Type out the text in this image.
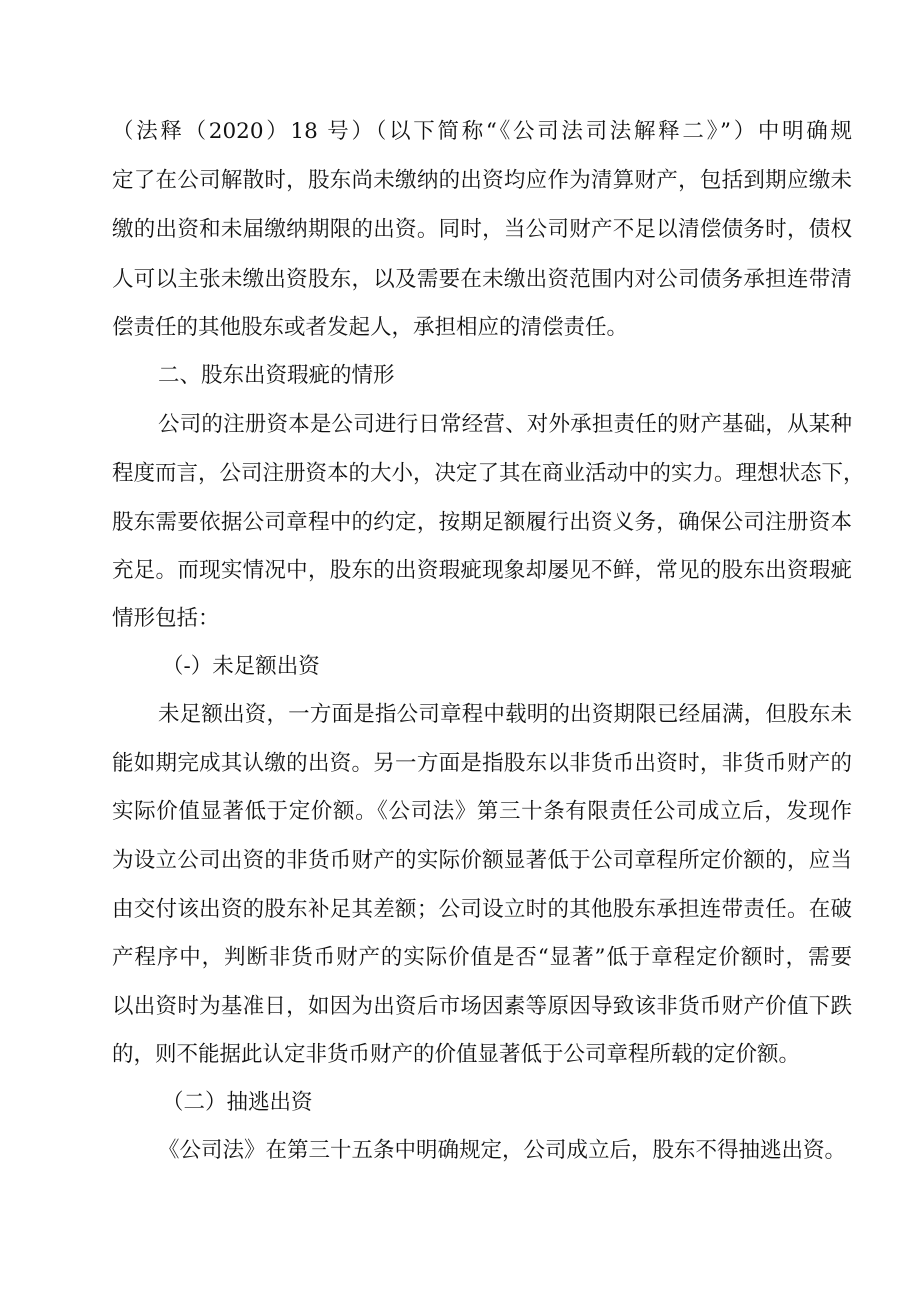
（法释（2020）18 号）（以下简称“《公司法司法解释二》”）中明确规
定了在公司解散时，股东尚未缴纳的出资均应作为清算财产，包括到期应缴未
缴的出资和未届缴纳期限的出资。同时，当公司财产不足以清偿债务时，债权
人可以主张未缴出资股东，以及需要在未缴出资范围内对公司债务承担连带清
偿责任的其他股东或者发起人，承担相应的清偿责任。
二、股东出资瑕疵的情形
公司的注册资本是公司进行日常经营、对外承担责任的财产基础，从某种
程度而言，公司注册资本的大小，决定了其在商业活动中的实力。理想状态下，
股东需要依据公司章程中的约定，按期足额履行出资义务，确保公司注册资本
充足。而现实情况中，股东的出资瑕疵现象却屡见不鲜，常见的股东出资瑕疵
情形包括：
（-）未足额出资
未足额出资，一方面是指公司章程中载明的出资期限已经届满，但股东未
能如期完成其认缴的出资。另一方面是指股东以非货币出资时，非货币财产的
实际价值显著低于定价额。《公司法》第三十条有限责任公司成立后，发现作
为设立公司出资的非货币财产的实际价额显著低于公司章程所定价额的，应当
由交付该出资的股东补足其差额；公司设立时的其他股东承担连带责任。在破
产程序中，判断非货币财产的实际价值是否“显著”低于章程定价额时，需要
以出资时为基准日，如因为出资后市场因素等原因导致该非货币财产价值下跌
的，则不能据此认定非货币财产的价值显著低于公司章程所载的定价额。
（二）抽逃出资
《公司法》在第三十五条中明确规定，公司成立后，股东不得抽逃出资。
